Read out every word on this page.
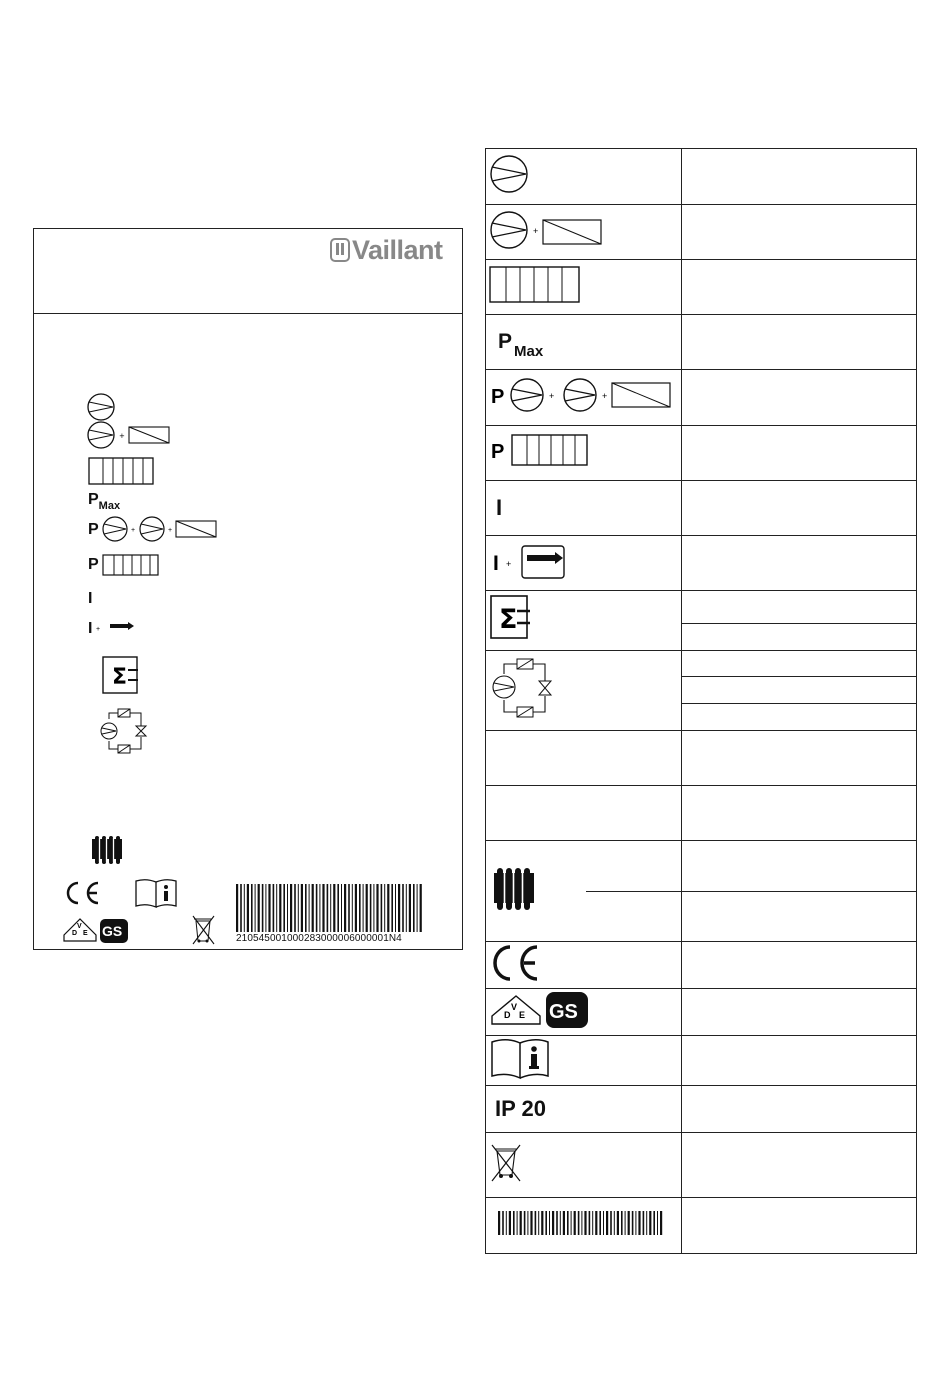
Vaillant
+
$P_{Max}$
P	+	+
P
I
I +
Σ
D
V
E GS	210545001000283000006000001N4

+	

P $_{Max}$

P + +	

P	

I	

I +	

Σ	

D
V
E GS	

IP 20	
